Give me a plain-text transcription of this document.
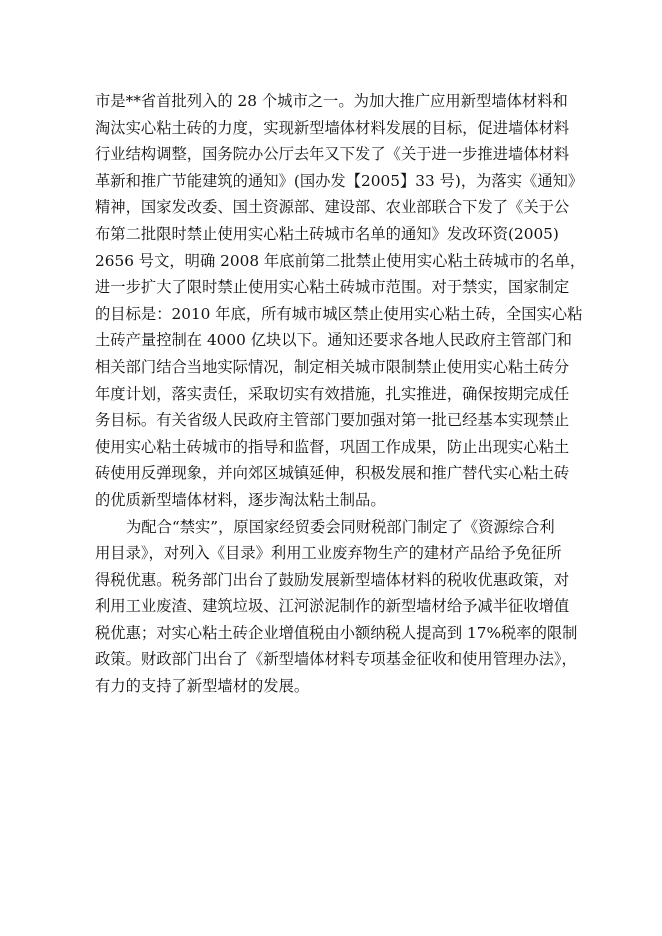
市是**省首批列入的 28 个城市之一。为加大推广应用新型墙体材料和
淘汰实心粘土砖的力度，实现新型墙体材料发展的目标，促进墙体材料
行业结构调整，国务院办公厅去年又下发了《关于进一步推进墙体材料
革新和推广节能建筑的通知》(国办发【2005】33 号)，为落实《通知》
精神，国家发改委、国土资源部、建设部、农业部联合下发了《关于公
布第二批限时禁止使用实心粘土砖城市名单的通知》发改环资(2005)
2656 号文，明确 2008 年底前第二批禁止使用实心粘土砖城市的名单，
进一步扩大了限时禁止使用实心粘土砖城市范围。对于禁实，国家制定
的目标是：2010 年底，所有城市城区禁止使用实心粘土砖，全国实心粘
土砖产量控制在 4000 亿块以下。通知还要求各地人民政府主管部门和
相关部门结合当地实际情况，制定相关城市限制禁止使用实心粘土砖分
年度计划，落实责任，采取切实有效措施，扎实推进，确保按期完成任
务目标。有关省级人民政府主管部门要加强对第一批已经基本实现禁止
使用实心粘土砖城市的指导和监督，巩固工作成果，防止出现实心粘土
砖使用反弹现象，并向郊区城镇延伸，积极发展和推广替代实心粘土砖
的优质新型墙体材料，逐步淘汰粘土制品。
为配合“禁实”，原国家经贸委会同财税部门制定了《资源综合利
用目录》，对列入《目录》利用工业废弃物生产的建材产品给予免征所
得税优惠。税务部门出台了鼓励发展新型墙体材料的税收优惠政策，对
利用工业废渣、建筑垃圾、江河淤泥制作的新型墙材给予减半征收增值
税优惠；对实心粘土砖企业增值税由小额纳税人提高到 17%税率的限制
政策。财政部门出台了《新型墙体材料专项基金征收和使用管理办法》，
有力的支持了新型墙材的发展。
